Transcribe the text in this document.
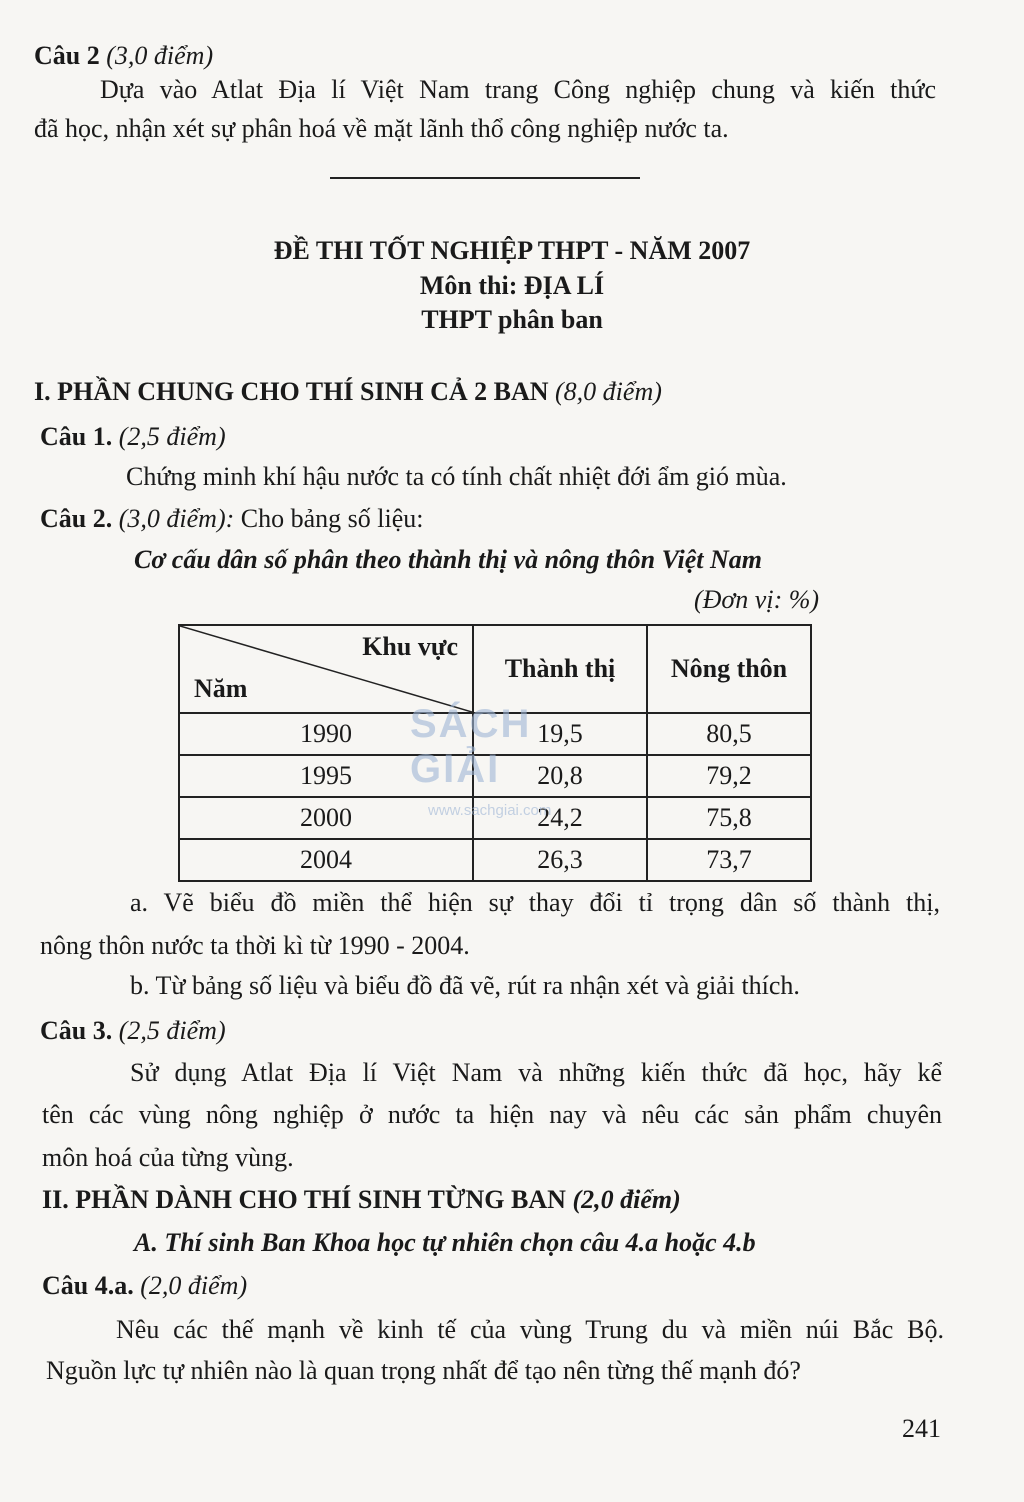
Câu 2 (3,0 điểm)
Dựa vào Atlat Địa lí Việt Nam trang Công nghiệp chung và kiến thức
đã học, nhận xét sự phân hoá về mặt lãnh thổ công nghiệp nước ta.
ĐỀ THI TỐT NGHIỆP THPT - NĂM 2007
Môn thi: ĐỊA LÍ
THPT phân ban
I. PHẦN CHUNG CHO THÍ SINH CẢ 2 BAN (8,0 điểm)
Câu 1. (2,5 điểm)
Chứng minh khí hậu nước ta có tính chất nhiệt đới ẩm gió mùa.
Câu 2. (3,0 điểm): Cho bảng số liệu:
Cơ cấu dân số phân theo thành thị và nông thôn Việt Nam
(Đơn vị: %)
Khu vực
Năm	Thành thị	Nông thôn
1990	19,5	80,5
1995	20,8	79,2
2000	24,2	75,8
2004	26,3	73,7
SÁCH GIẢI
www.sachgiai.com
a. Vẽ biểu đồ miền thể hiện sự thay đổi tỉ trọng dân số thành thị,
nông thôn nước ta thời kì từ 1990 - 2004.
b. Từ bảng số liệu và biểu đồ đã vẽ, rút ra nhận xét và giải thích.
Câu 3. (2,5 điểm)
Sử dụng Atlat Địa lí Việt Nam và những kiến thức đã học, hãy kể
tên các vùng nông nghiệp ở nước ta hiện nay và nêu các sản phẩm chuyên
môn hoá của từng vùng.
II. PHẦN DÀNH CHO THÍ SINH TỪNG BAN (2,0 điểm)
A. Thí sinh Ban Khoa học tự nhiên chọn câu 4.a hoặc 4.b
Câu 4.a. (2,0 điểm)
Nêu các thế mạnh về kinh tế của vùng Trung du và miền núi Bắc Bộ.
Nguồn lực tự nhiên nào là quan trọng nhất để tạo nên từng thế mạnh đó?
241
